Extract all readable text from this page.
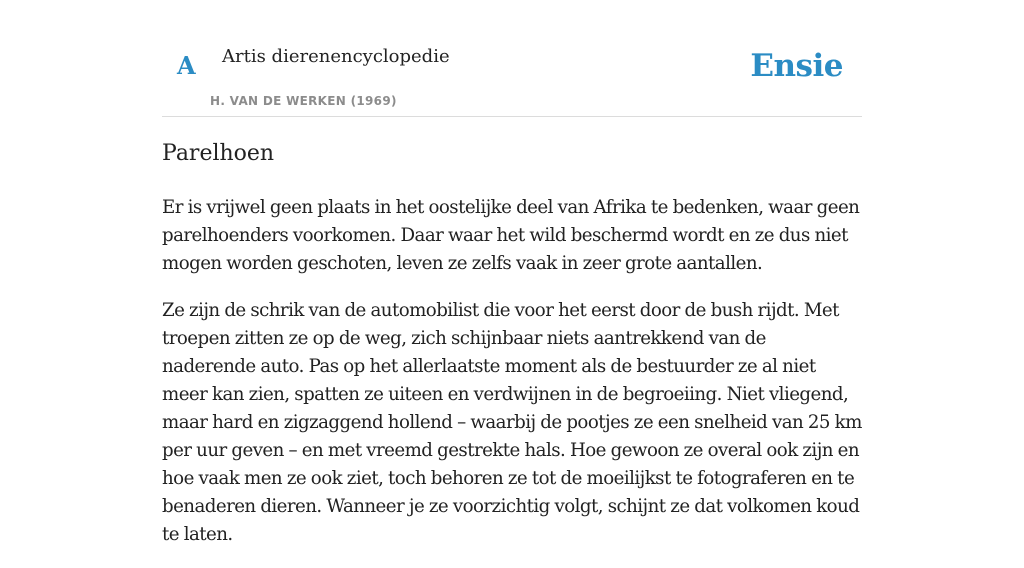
A Artis dierenencyclopedie
H. VAN DE WERKEN (1969)
Ensie
Parelhoen

Er is vrijwel geen plaats in het oostelijke deel van Afrika te bedenken, waar geen parelhoenders voorkomen. Daar waar het wild beschermd wordt en ze dus niet mogen worden geschoten, leven ze zelfs vaak in zeer grote aantallen.

Ze zijn de schrik van de automobilist die voor het eerst door de bush rijdt. Met troepen zitten ze op de weg, zich schijnbaar niets aantrekkend van de naderende auto. Pas op het allerlaatste moment als de bestuurder ze al niet meer kan zien, spatten ze uiteen en verdwijnen in de begroeiing. Niet vliegend, maar hard en zigzaggend hollend – waarbij de pootjes ze een snelheid van 25 km per uur geven – en met vreemd gestrekte hals. Hoe gewoon ze overal ook zijn en hoe vaak men ze ook ziet, toch behoren ze tot de moeilijkst te fotograferen en te benaderen dieren. Wanneer je ze voorzichtig volgt, schijnt ze dat volkomen koud te laten.
